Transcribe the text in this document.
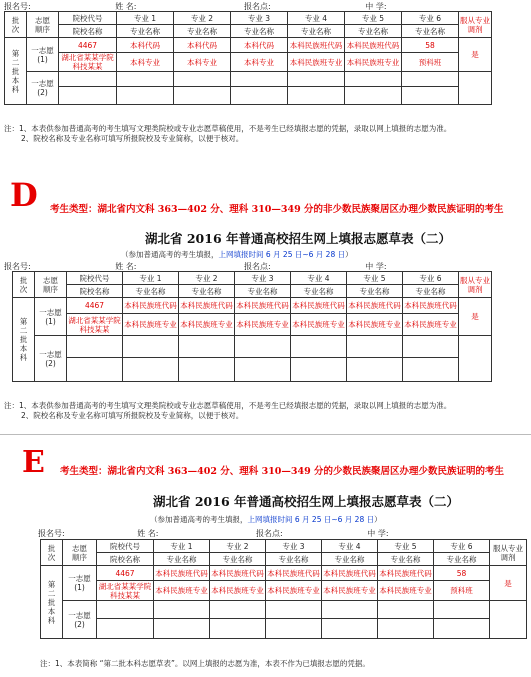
报名号:	姓 名:	报名点:	中 学:
批
次	志愿
顺序	院校代号	专业 1	专业 2	专业 3	专业 4	专业 5	专业 6	服从专业调剂
		院校名称	专业名称	专业名称	专业名称	专业名称	专业名称	专业名称	
第
二
批
本
科	一志愿
(1)	4467	本科代码	本科代码	本科代码	本科民族班代码	本科民族班代码	58	是
		湖北省某某学院
科技某某	本科专业	本科专业	本科专业	本科民族班专业	本科民族班专业	预科班	
	一志愿
(2)								

注：1、本表供参加普通高考的考生填写文理类院校或专业志愿草稿使用，不是考生已经填报志愿的凭据，录取以网上填报的志愿为准。
2、院校名称及专业名称可填写所报院校及专业简称，以便于核对。
D 考生类型：湖北省内文科 363—402 分、理科 310—349 分的非少数民族聚居区办理少数民族证明的考生
湖北省 2016 年普通高校招生网上填报志愿草表（二）
（参加普通高考的考生填报，上网填报时间 6 月 25 日~6 月 28 日）
报名号:	姓 名:	报名点:	中 学:
批
次	志愿
顺序	院校代号	专业 1	专业 2	专业 3	专业 4	专业 5	专业 6	服从专业调剂
		院校名称	专业名称	专业名称	专业名称	专业名称	专业名称	专业名称	
第
二
批
本
科	一志愿
(1)	4467	本科民族班代码	本科民族班代码	本科民族班代码	本科民族班代码	本科民族班代码	本科民族班代码	是
		湖北省某某学院
科技某某	本科民族班专业	本科民族班专业	本科民族班专业	本科民族班专业	本科民族班专业	本科民族班专业	
	一志愿
(2)								

注：1、本表供参加普通高考的考生填写文理类院校或专业志愿草稿使用，不是考生已经填报志愿的凭据，录取以网上填报的志愿为准。
2、院校名称及专业名称可填写所报院校及专业简称，以便于核对。
E 考生类型：湖北省内文科 363—402 分、理科 310—349 分的少数民族聚居区办理少数民族证明的考生
湖北省 2016 年普通高校招生网上填报志愿草表（二）
（参加普通高考的考生填报，上网填报时间 6 月 25 日~6 月 28 日）
报名号:	姓 名:	报名点:	中 学:
批
次	志愿
顺序	院校代号	专业 1	专业 2	专业 3	专业 4	专业 5	专业 6	服从专业调剂
		院校名称	专业名称	专业名称	专业名称	专业名称	专业名称	专业名称	
第
二
批
本
科	一志愿
(1)	4467	本科民族班代码	本科民族班代码	本科民族班代码	本科民族班代码	本科民族班代码	58	是
		湖北省某某学院
科技某某	本科民族班专业	本科民族班专业	本科民族班专业	本科民族班专业	本科民族班专业	预科班	
	一志愿
(2)								

注：1、本表简称 “第二批本科志愿草表”。以网上填报的志愿为准，本表不作为已填报志愿的凭据。
